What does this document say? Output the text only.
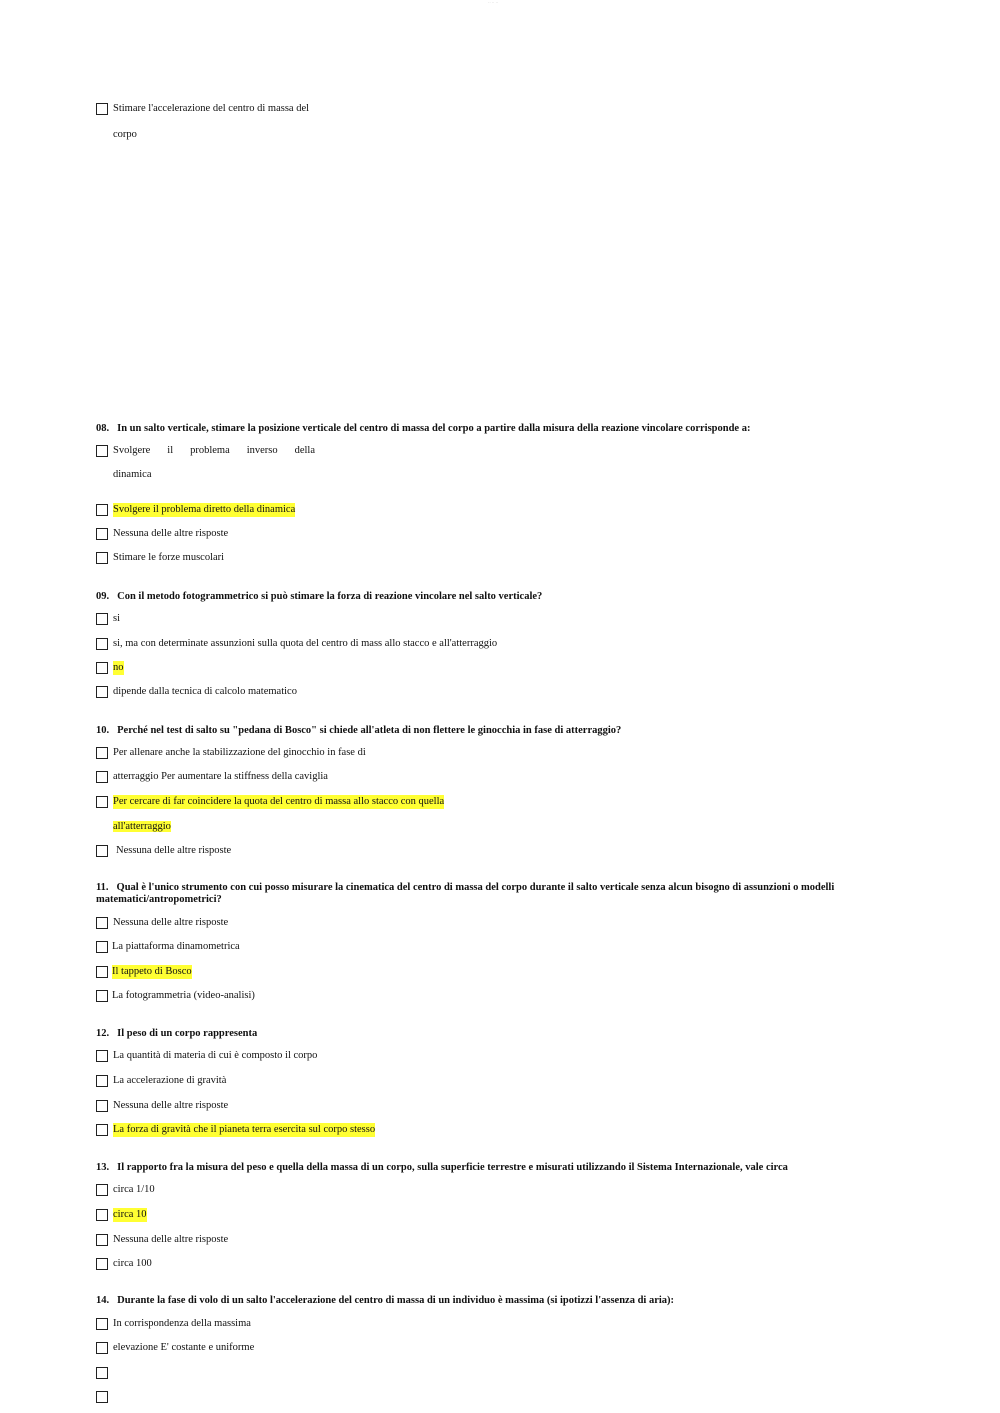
·· ·· ··
Stimare l'accelerazione del centro di massa del
corpo
08. In un salto verticale, stimare la posizione verticale del centro di massa del corpo a partire dalla misura della reazione vincolare corrisponde a:
Svolgere il problema inverso della
dinamica
Svolgere il problema diretto della dinamica
Nessuna delle altre risposte
Stimare le forze muscolari
09. Con il metodo fotogrammetrico si può stimare la forza di reazione vincolare nel salto verticale?
si
si, ma con determinate assunzioni sulla quota del centro di mass allo stacco e all'atterraggio
no
dipende dalla tecnica di calcolo matematico
10. Perché nel test di salto su "pedana di Bosco" si chiede all'atleta di non flettere le ginocchia in fase di atterraggio?
Per allenare anche la stabilizzazione del ginocchio in fase di
atterraggio Per aumentare la stiffness della caviglia
Per cercare di far coincidere la quota del centro di massa allo stacco con quella
all'atterraggio
Nessuna delle altre risposte
11. Qual è l'unico strumento con cui posso misurare la cinematica del centro di massa del corpo durante il salto verticale senza alcun bisogno di assunzioni o modelli matematici/antropometrici?
Nessuna delle altre risposte
La piattaforma dinamometrica
Il tappeto di Bosco
La fotogrammetria (video-analisi)
12. Il peso di un corpo rappresenta
La quantità di materia di cui è composto il corpo
La accelerazione di gravità
Nessuna delle altre risposte
La forza di gravità che il pianeta terra esercita sul corpo stesso
13. Il rapporto fra la misura del peso e quella della massa di un corpo, sulla superficie terrestre e misurati utilizzando il Sistema Internazionale, vale circa
circa 1/10
circa 10
Nessuna delle altre risposte
circa 100
14. Durante la fase di volo di un salto l'accelerazione del centro di massa di un individuo è massima (si ipotizzi l'assenza di aria):
In corrispondenza della massima
elevazione E' costante e uniforme
